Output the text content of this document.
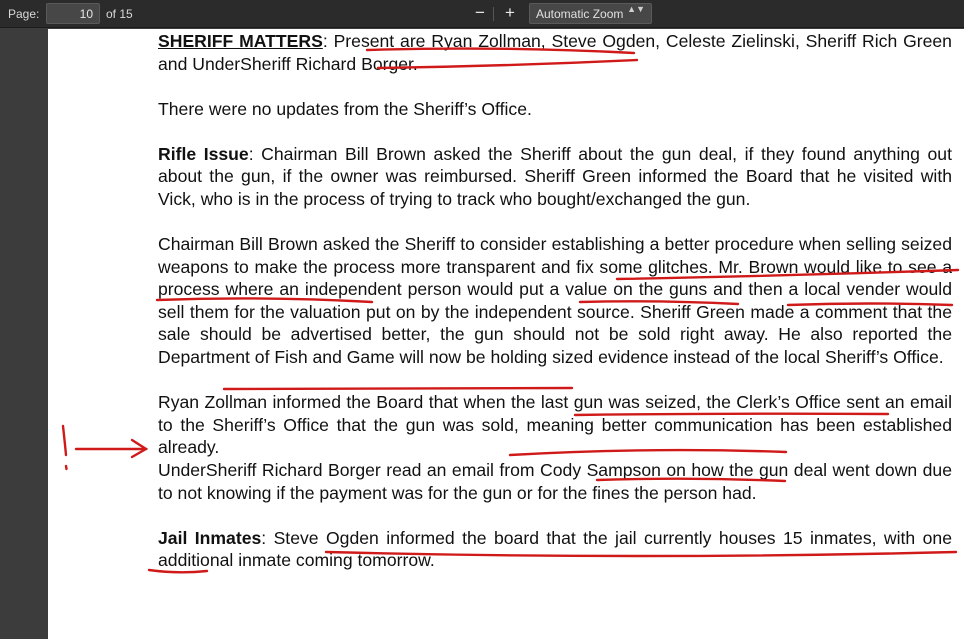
Page:
10	of 15	−	+	Automatic Zoom ▲▼

SHERIFF MATTERS: Present are Ryan Zollman, Steve Ogden, Celeste Zielinski, Sheriff Rich Green and UnderSheriff Richard Borger.

There were no updates from the Sheriff’s Office.

Rifle Issue: Chairman Bill Brown asked the Sheriff about the gun deal, if they found anything out about the gun, if the owner was reimbursed. Sheriff Green informed the Board that he visited with Vick, who is in the process of trying to track who bought/exchanged the gun.

Chairman Bill Brown asked the Sheriff to consider establishing a better procedure when selling seized weapons to make the process more transparent and fix some glitches. Mr. Brown would like to see a process where an independent person would put a value on the guns and then a local vender would sell them for the valuation put on by the independent source. Sheriff Green made a comment that the sale should be advertised better, the gun should not be sold right away. He also reported the Department of Fish and Game will now be holding sized evidence instead of the local Sheriff’s Office.

Ryan Zollman informed the Board that when the last gun was seized, the Clerk’s Office sent an email to the Sheriff’s Office that the gun was sold, meaning better communication has been established already.

UnderSheriff Richard Borger read an email from Cody Sampson on how the gun deal went down due to not knowing if the payment was for the gun or for the fines the person had.

Jail Inmates: Steve Ogden informed the board that the jail currently houses 15 inmates, with one additional inmate coming tomorrow.
